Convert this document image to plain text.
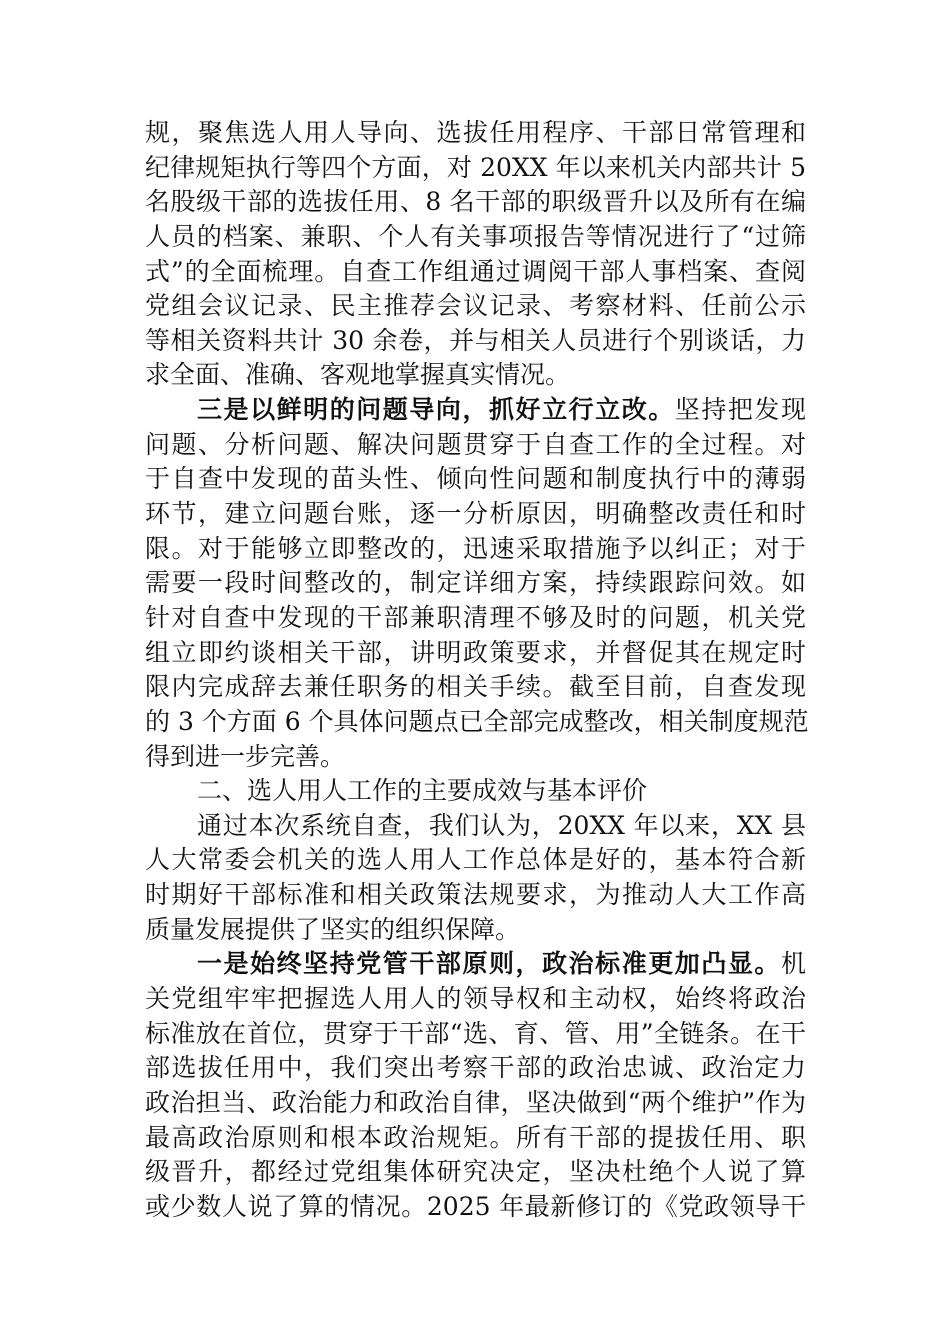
规，聚焦选人用人导向、选拔任用程序、干部日常管理和
纪律规矩执行等四个方面，对 20XX 年以来机关内部共计 5
名股级干部的选拔任用、8 名干部的职级晋升以及所有在编
人员的档案、兼职、个人有关事项报告等情况进行了“过筛
式”的全面梳理。自查工作组通过调阅干部人事档案、查阅
党组会议记录、民主推荐会议记录、考察材料、任前公示
等相关资料共计 30 余卷，并与相关人员进行个别谈话，力
求全面、准确、客观地掌握真实情况。
三是以鲜明的问题导向，抓好立行立改。坚持把发现
问题、分析问题、解决问题贯穿于自查工作的全过程。对
于自查中发现的苗头性、倾向性问题和制度执行中的薄弱
环节，建立问题台账，逐一分析原因，明确整改责任和时
限。对于能够立即整改的，迅速采取措施予以纠正；对于
需要一段时间整改的，制定详细方案，持续跟踪问效。如
针对自查中发现的干部兼职清理不够及时的问题，机关党
组立即约谈相关干部，讲明政策要求，并督促其在规定时
限内完成辞去兼任职务的相关手续。截至目前，自查发现
的 3 个方面 6 个具体问题点已全部完成整改，相关制度规范
得到进一步完善。
二、选人用人工作的主要成效与基本评价
通过本次系统自查，我们认为，20XX 年以来，XX 县
人大常委会机关的选人用人工作总体是好的，基本符合新
时期好干部标准和相关政策法规要求，为推动人大工作高
质量发展提供了坚实的组织保障。
一是始终坚持党管干部原则，政治标准更加凸显。机
关党组牢牢把握选人用人的领导权和主动权，始终将政治
标准放在首位，贯穿于干部“选、育、管、用”全链条。在干
部选拔任用中，我们突出考察干部的政治忠诚、政治定力
政治担当、政治能力和政治自律，坚决做到“两个维护”作为
最高政治原则和根本政治规矩。所有干部的提拔任用、职
级晋升，都经过党组集体研究决定，坚决杜绝个人说了算
或少数人说了算的情况。2025 年最新修订的《党政领导干
